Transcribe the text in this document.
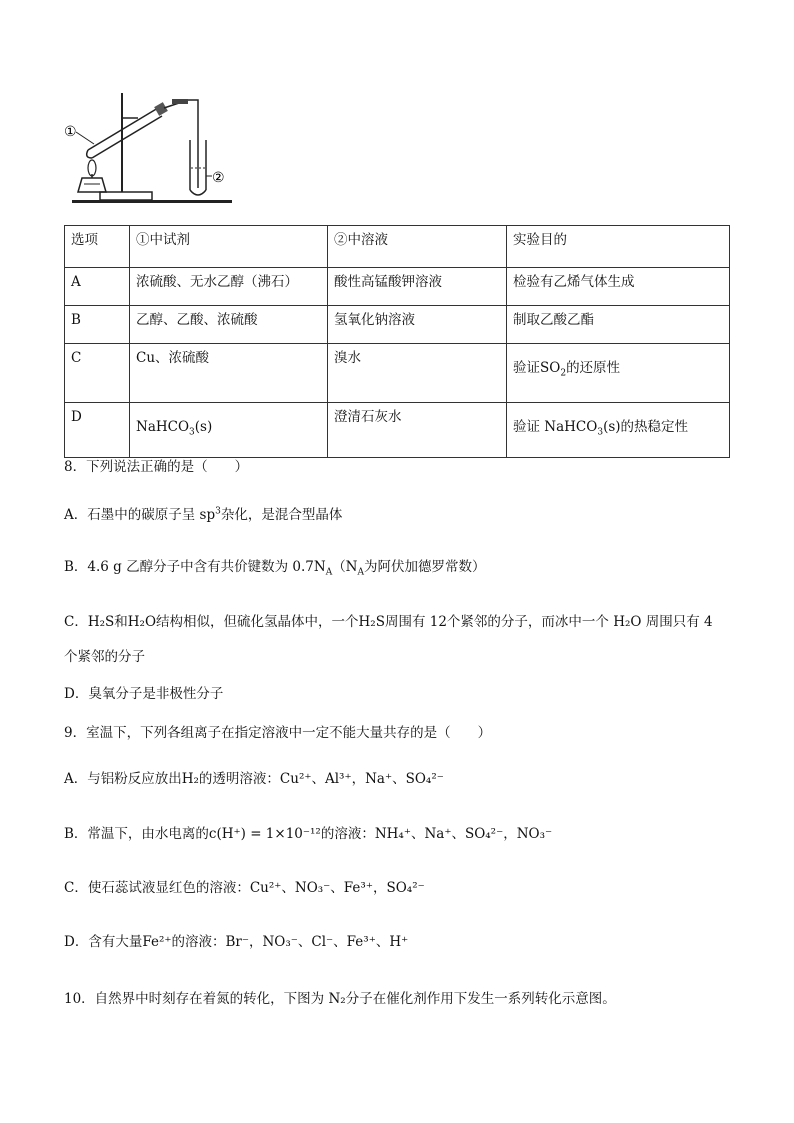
①
②
选项	①中试剂	②中溶液	实验目的
A	浓硫酸、无水乙醇（沸石）	酸性高锰酸钾溶液	检验有乙烯气体生成
B	乙醇、乙酸、浓硫酸	氢氧化钠溶液	制取乙酸乙酯
C	Cu、浓硫酸	溴水	验证$SO_2$的还原性
D	NaHCO$_3$(s)	澄清石灰水	验证 NaHCO$_3$(s)的热稳定性
8．下列说法正确的是（　　）
A．石墨中的碳原子呈 $sp^3$杂化，是混合型晶体
B．4.6 g 乙醇分子中含有共价键数为 $0.7N_A(N_A$为阿伏加德罗常数）
C．H₂S和H₂O结构相似，但硫化氢晶体中，一个H₂S周围有 12个紧邻的分子，而冰中一个 H₂O 周围只有 4
个紧邻的分子
D．臭氧分子是非极性分子
9．室温下，下列各组离子在指定溶液中一定不能大量共存的是（　　）
A．与铝粉反应放出H₂的透明溶液：Cu²⁺、Al³⁺，Na⁺、SO₄²⁻
B．常温下，由水电离的c(H⁺) = 1×10⁻¹²的溶液：NH₄⁺、Na⁺、SO₄²⁻，NO₃⁻
C．使石蕊试液显红色的溶液：Cu²⁺、NO₃⁻、Fe³⁺，SO₄²⁻
D．含有大量Fe²⁺的溶液：Br⁻，NO₃⁻、Cl⁻、Fe³⁺、H⁺
10．自然界中时刻存在着氮的转化，下图为 N₂分子在催化剂作用下发生一系列转化示意图。
